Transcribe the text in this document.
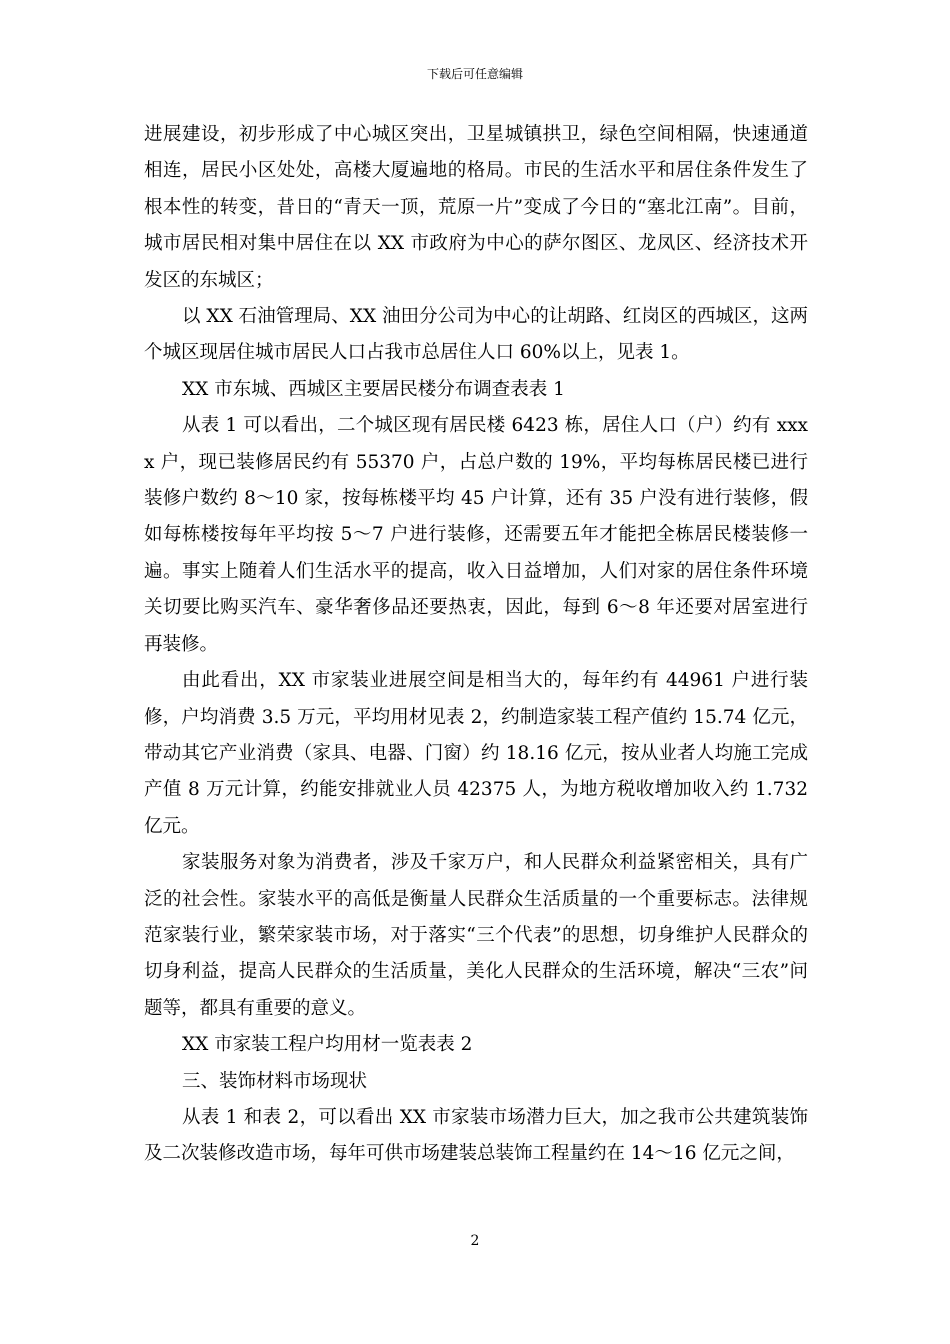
下载后可任意编辑

进展建设，初步形成了中心城区突出，卫星城镇拱卫，绿色空间相隔，快速通道相连，居民小区处处，高楼大厦遍地的格局。市民的生活水平和居住条件发生了根本性的转变，昔日的“青天一顶，荒原一片”变成了今日的“塞北江南”。目前，城市居民相对集中居住在以 XX 市政府为中心的萨尔图区、龙凤区、经济技术开发区的东城区；

以 XX 石油管理局、XX 油田分公司为中心的让胡路、红岗区的西城区，这两个城区现居住城市居民人口占我市总居住人口 60%以上，见表 1。

XX 市东城、西城区主要居民楼分布调查表表 1

从表 1 可以看出，二个城区现有居民楼 6423 栋，居住人口（户）约有 xxxx 户，现已装修居民约有 55370 户，占总户数的 19%，平均每栋居民楼已进行装修户数约 8～10 家，按每栋楼平均 45 户计算，还有 35 户没有进行装修，假如每栋楼按每年平均按 5～7 户进行装修，还需要五年才能把全栋居民楼装修一遍。事实上随着人们生活水平的提高，收入日益增加，人们对家的居住条件环境关切要比购买汽车、豪华奢侈品还要热衷，因此，每到 6～8 年还要对居室进行再装修。

由此看出，XX 市家装业进展空间是相当大的，每年约有 44961 户进行装修，户均消费 3.5 万元，平均用材见表 2，约制造家装工程产值约 15.74 亿元，带动其它产业消费（家具、电器、门窗）约 18.16 亿元，按从业者人均施工完成产值 8 万元计算，约能安排就业人员 42375 人，为地方税收增加收入约 1.732 亿元。

家装服务对象为消费者，涉及千家万户，和人民群众利益紧密相关，具有广泛的社会性。家装水平的高低是衡量人民群众生活质量的一个重要标志。法律规范家装行业，繁荣家装市场，对于落实“三个代表”的思想，切身维护人民群众的切身利益，提高人民群众的生活质量，美化人民群众的生活环境，解决“三农”问题等，都具有重要的意义。

XX 市家装工程户均用材一览表表 2

三、装饰材料市场现状

从表 1 和表 2，可以看出 XX 市家装市场潜力巨大，加之我市公共建筑装饰及二次装修改造市场，每年可供市场建装总装饰工程量约在 14～16 亿元之间，

2
